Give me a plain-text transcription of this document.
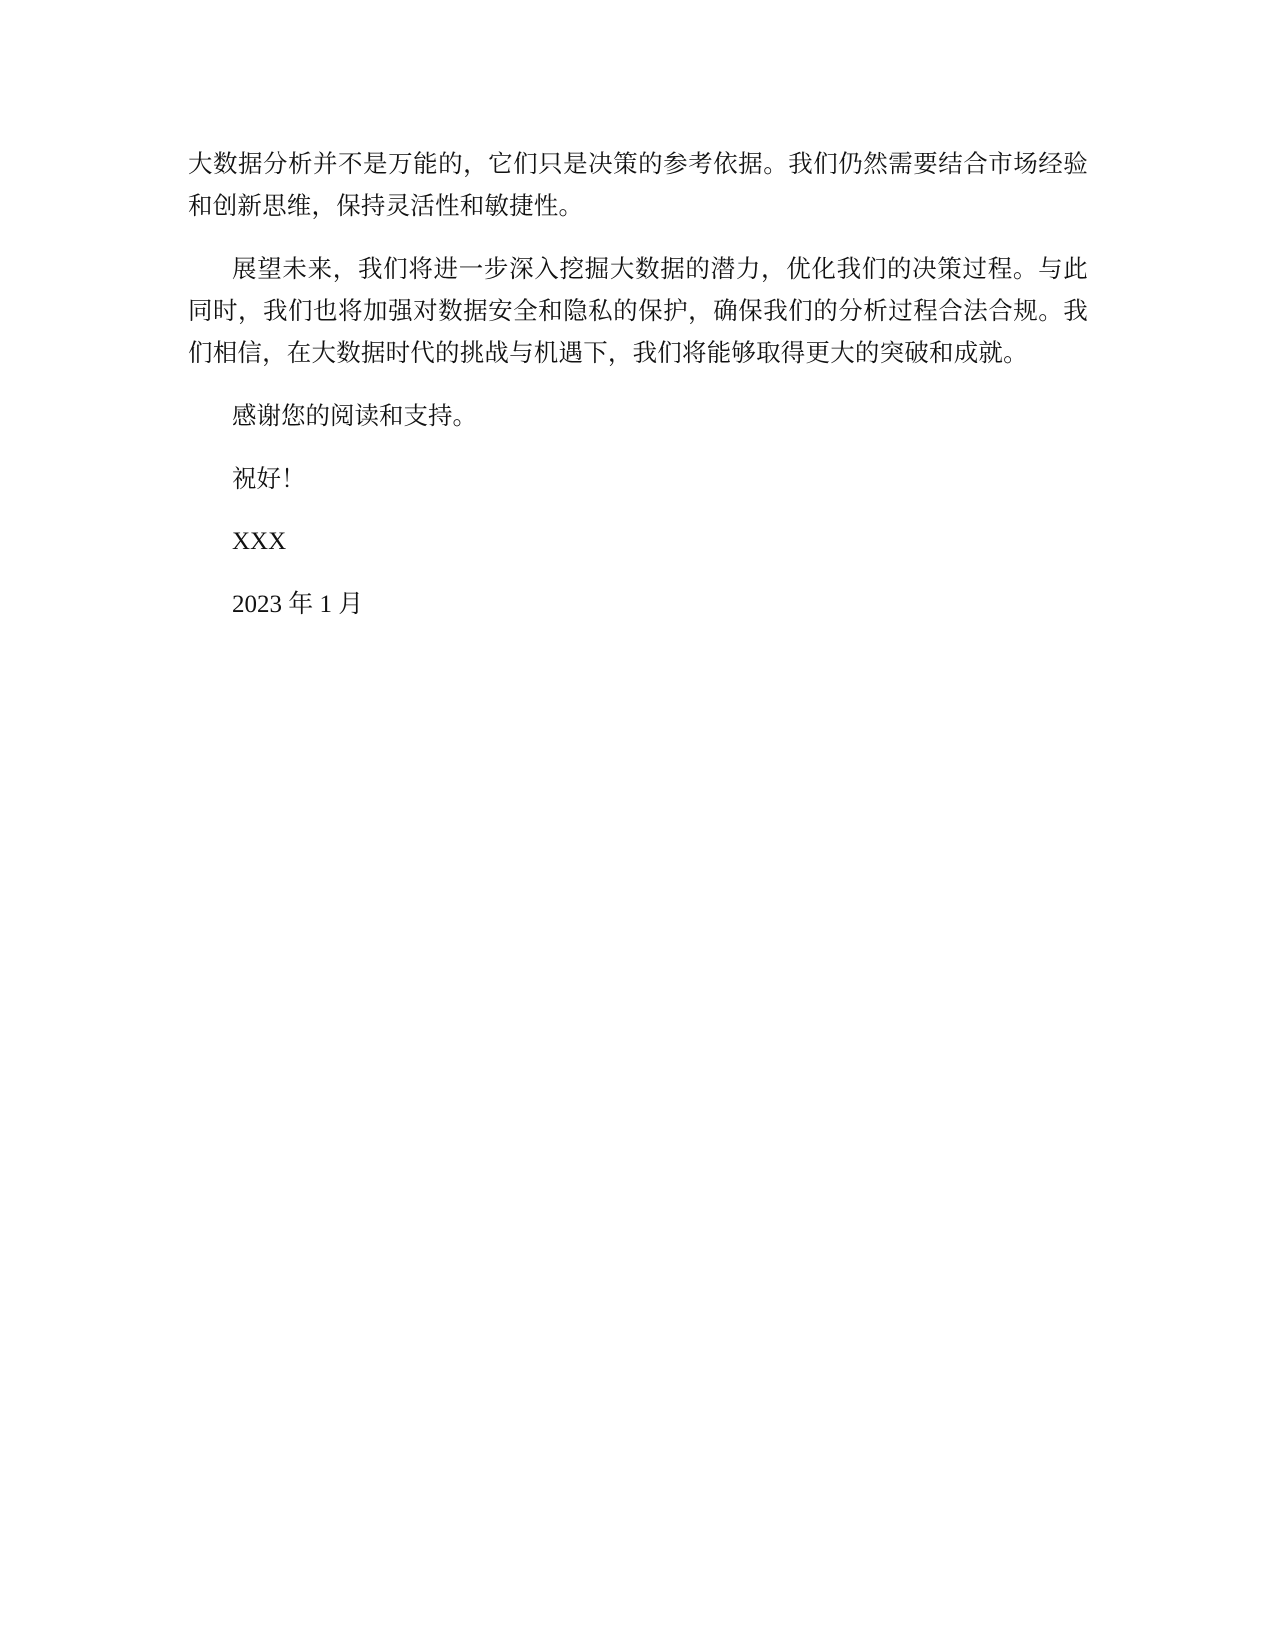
大数据分析并不是万能的，它们只是决策的参考依据。我们仍然需要结合市场经验和创新思维，保持灵活性和敏捷性。

展望未来，我们将进一步深入挖掘大数据的潜力，优化我们的决策过程。与此同时，我们也将加强对数据安全和隐私的保护，确保我们的分析过程合法合规。我们相信，在大数据时代的挑战与机遇下，我们将能够取得更大的突破和成就。

感谢您的阅读和支持。

祝好！

XXX

2023 年 1 月
